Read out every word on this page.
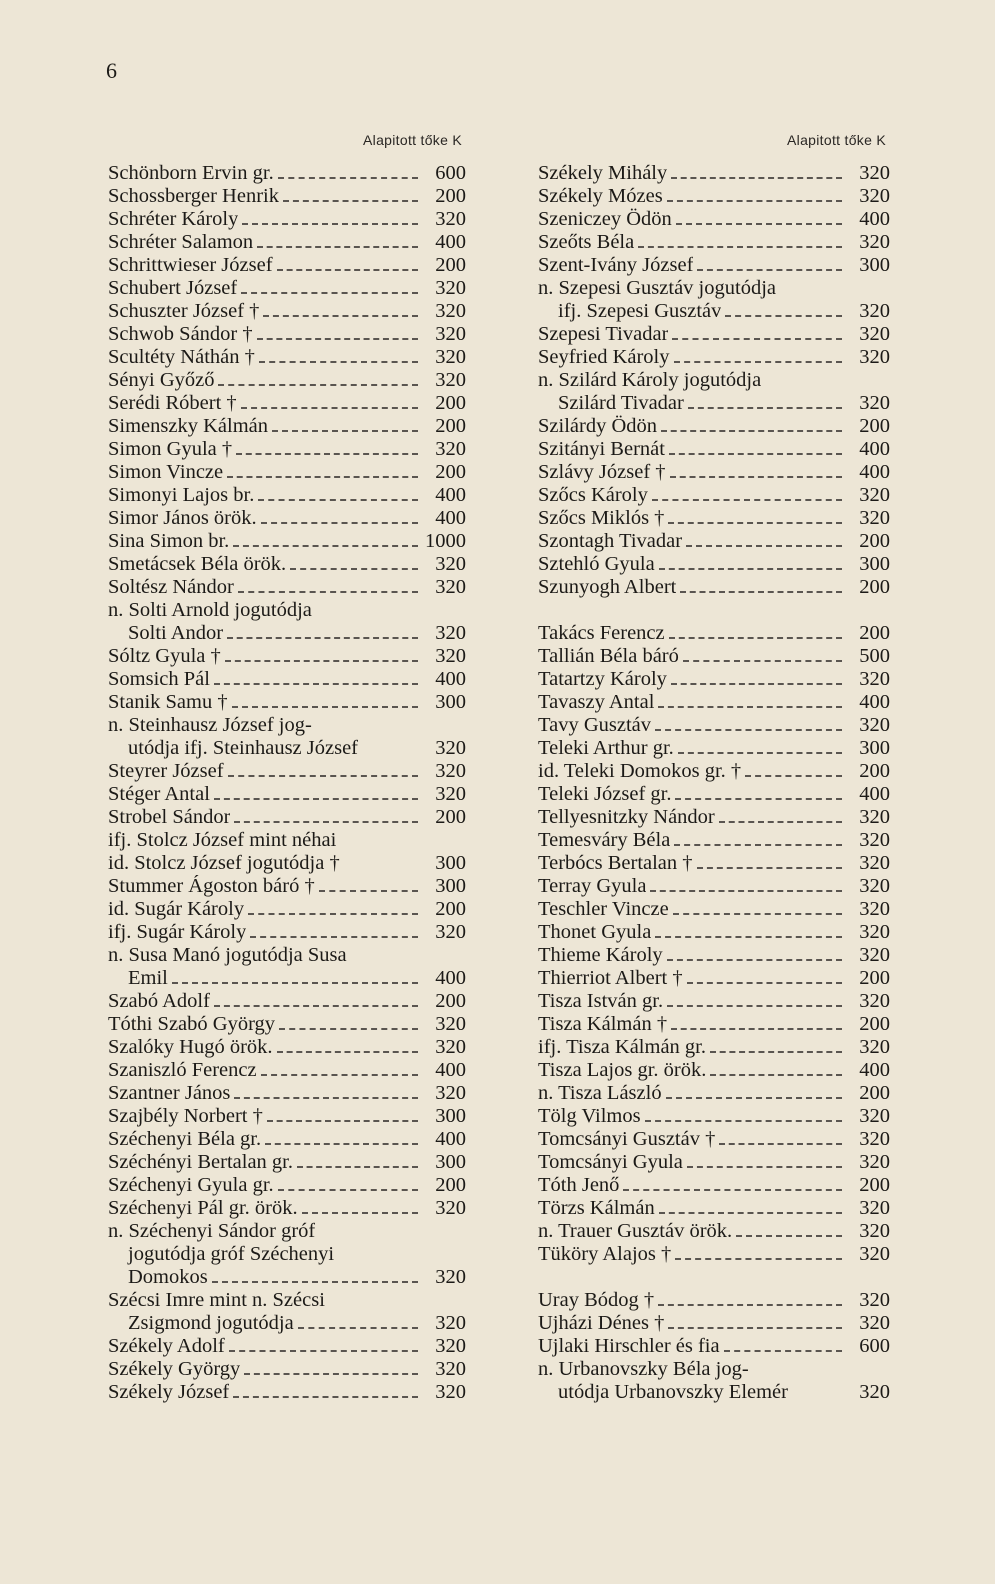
6
Alapitott tőke K
Schönborn Ervin gr.	600
Schossberger Henrik	200
Schréter Károly	320
Schréter Salamon	400
Schrittwieser József	200
Schubert József	320
Schuszter József †	320
Schwob Sándor †	320
Scultéty Náthán †	320
Sényi Győző	320
Serédi Róbert †	200
Simenszky Kálmán	200
Simon Gyula †	320
Simon Vincze	200
Simonyi Lajos br.	400
Simor János örök.	400
Sina Simon br.	1000
Smetácsek Béla örök.	320
Soltész Nándor	320
n. Solti Arnold jogutódja
Solti Andor	320
Sóltz Gyula †	320
Somsich Pál	400
Stanik Samu †	300
n. Steinhausz József jog-
utódja ifj. Steinhausz József	320
Steyrer József	320
Stéger Antal	320
Strobel Sándor	200
ifj. Stolcz József mint néhai
id. Stolcz József jogutódja †	300
Stummer Ágoston báró †	300
id. Sugár Károly	200
ifj. Sugár Károly	320
n. Susa Manó jogutódja Susa
Emil	400
Szabó Adolf	200
Tóthi Szabó György	320
Szalóky Hugó örök.	320
Szaniszló Ferencz	400
Szantner János	320
Szajbély Norbert †	300
Széchenyi Béla gr.	400
Széchényi Bertalan gr.	300
Széchenyi Gyula gr.	200
Széchenyi Pál gr. örök.	320
n. Széchenyi Sándor gróf
jogutódja gróf Széchenyi
Domokos	320
Szécsi Imre mint n. Szécsi
Zsigmond jogutódja	320
Székely Adolf	320
Székely György	320
Székely József	320
Alapitott tőke K
Székely Mihály	320
Székely Mózes	320
Szeniczey Ödön	400
Szeőts Béla	320
Szent-Ivány József	300
n. Szepesi Gusztáv jogutódja
ifj. Szepesi Gusztáv	320
Szepesi Tivadar	320
Seyfried Károly	320
n. Szilárd Károly jogutódja
Szilárd Tivadar	320
Szilárdy Ödön	200
Szitányi Bernát	400
Szlávy József †	400
Szőcs Károly	320
Szőcs Miklós †	320
Szontagh Tivadar	200
Sztehló Gyula	300
Szunyogh Albert	200
Takács Ferencz	200
Tallián Béla báró	500
Tatartzy Károly	320
Tavaszy Antal	400
Tavy Gusztáv	320
Teleki Arthur gr.	300
id. Teleki Domokos gr. †	200
Teleki József gr.	400
Tellyesnitzky Nándor	320
Temesváry Béla	320
Terbócs Bertalan †	320
Terray Gyula	320
Teschler Vincze	320
Thonet Gyula	320
Thieme Károly	320
Thierriot Albert †	200
Tisza István gr.	320
Tisza Kálmán †	200
ifj. Tisza Kálmán gr.	320
Tisza Lajos gr. örök.	400
n. Tisza László	200
Tölg Vilmos	320
Tomcsányi Gusztáv †	320
Tomcsányi Gyula	320
Tóth Jenő	200
Törzs Kálmán	320
n. Trauer Gusztáv örök.	320
Tüköry Alajos †	320
Uray Bódog †	320
Ujházi Dénes †	320
Ujlaki Hirschler és fia	600
n. Urbanovszky Béla jog-
utódja Urbanovszky Elemér	320
